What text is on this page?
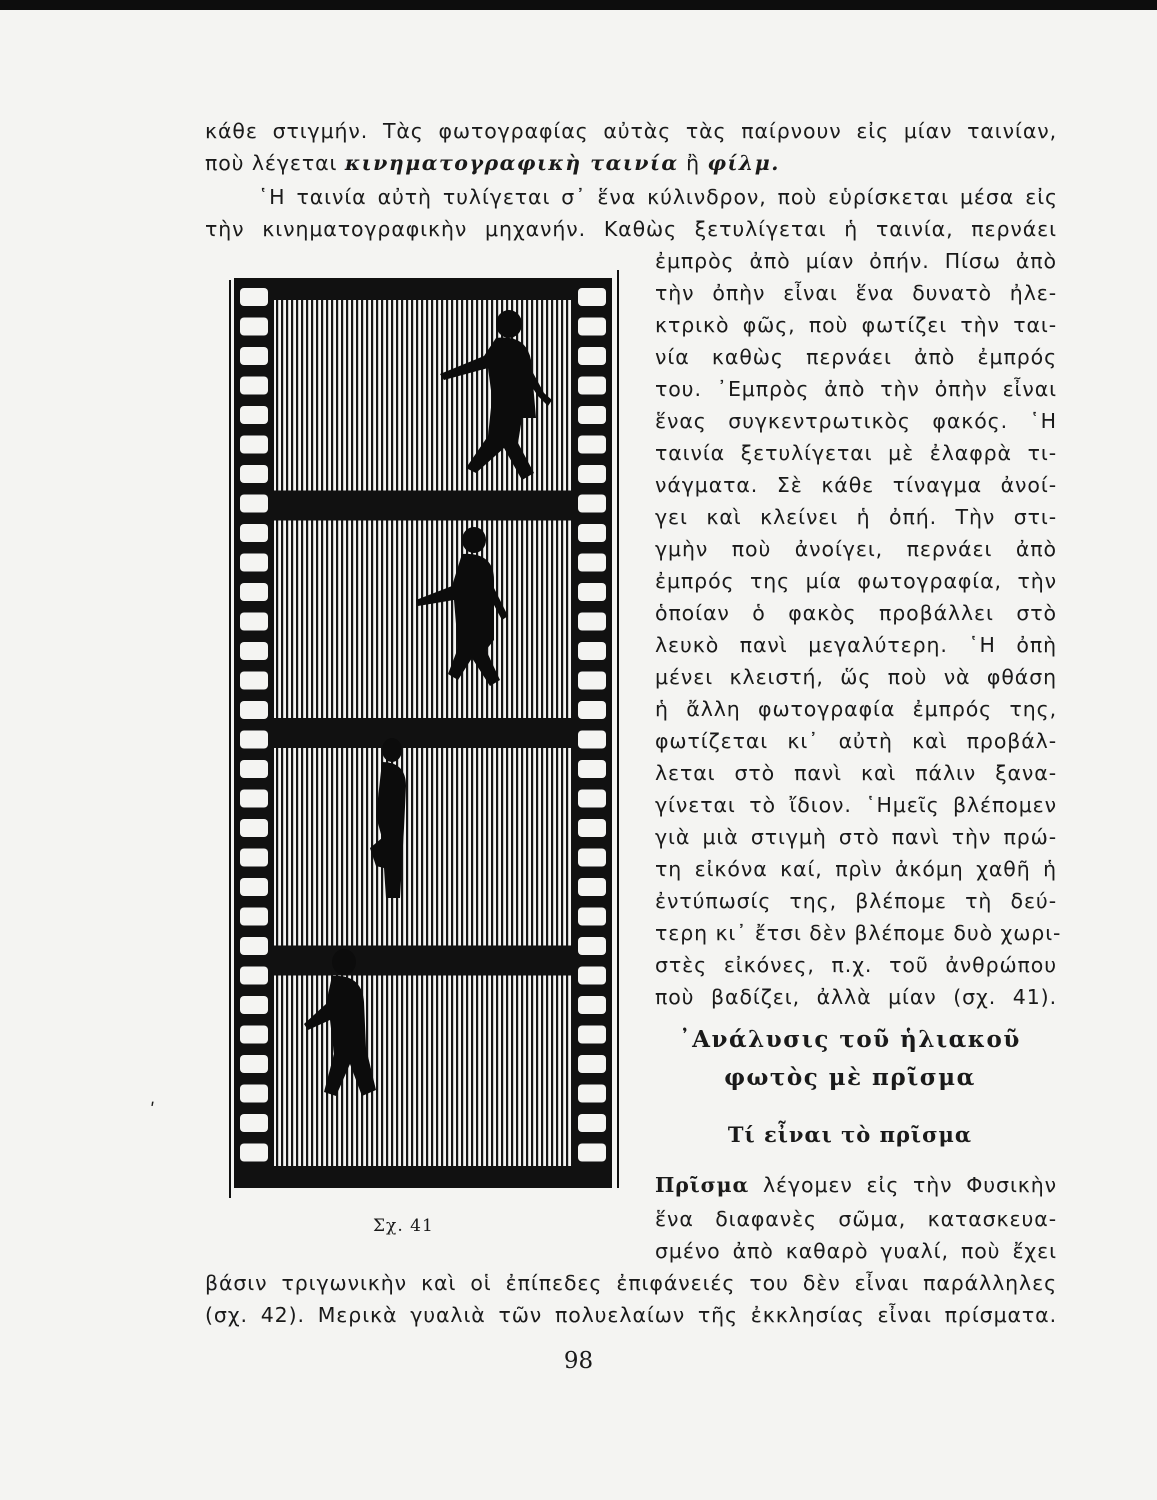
κάθε στιγμήν. Τὰς φωτογραφίας αὐτὰς τὰς παίρνουν εἰς μίαν ταινίαν,
ποὺ λέγεται κινηματογραφικὴ ταινία ἢ φίλμ.
῾Η ταινία αὐτὴ τυλίγεται σ᾽ ἕνα κύλινδρον, ποὺ εὑρίσκεται μέσα εἰς
τὴν κινηματογραφικὴν μηχανήν. Καθὼς ξετυλίγεται ἡ ταινία, περνάει
ἐμπρὸς ἀπὸ μίαν ὀπήν. Πίσω ἀπὸ
τὴν ὀπὴν εἶναι ἕνα δυνατὸ ἠλε-
κτρικὸ φῶς, ποὺ φωτίζει τὴν ται-
νία καθὼς περνάει ἀπὸ ἐμπρός
του. ᾿Εμπρὸς ἀπὸ τὴν ὀπὴν εἶναι
ἕνας συγκεντρωτικὸς φακός. ῾Η
ταινία ξετυλίγεται μὲ ἐλαφρὰ τι-
νάγματα. Σὲ κάθε τίναγμα ἀνοί-
γει καὶ κλείνει ἡ ὀπή. Τὴν στι-
γμὴν ποὺ ἀνοίγει, περνάει ἀπὸ
ἐμπρός της μία φωτογραφία, τὴν
ὁποίαν ὁ φακὸς προβάλλει στὸ
λευκὸ πανὶ μεγαλύτερη. ῾Η ὀπὴ
μένει κλειστή, ὥς ποὺ νὰ φθάση
ἡ ἄλλη φωτογραφία ἐμπρός της,
φωτίζεται κι᾽ αὐτὴ καὶ προβάλ-
λεται στὸ πανὶ καὶ πάλιν ξανα-
γίνεται τὸ ἴδιον. ῾Ημεῖς βλέπομεν
γιὰ μιὰ στιγμὴ στὸ πανὶ τὴν πρώ-
τη εἰκόνα καί, πρὶν ἀκόμη χαθῆ ἡ
ἐντύπωσίς της, βλέπομε τὴ δεύ-
τερη κι᾽ ἔτσι δὲν βλέπομε δυὸ χωρι-
στὲς εἰκόνες, π.χ. τοῦ ἀνθρώπου
ποὺ βαδίζει, ἀλλὰ μίαν (σχ. 41).
᾿Ανάλυσις τοῦ ἡλιακοῦ
φωτὸς μὲ πρῖσμα
Τί εἶναι τὸ πρῖσμα
Πρῖσμα λέγομεν εἰς τὴν Φυσικὴν
ἕνα διαφανὲς σῶμα, κατασκευα-
σμένο ἀπὸ καθαρὸ γυαλί, ποὺ ἔχει
βάσιν τριγωνικὴν καὶ οἱ ἐπίπεδες ἐπιφάνειές του δὲν εἶναι παράλληλες
(σχ. 42). Μερικὰ γυαλιὰ τῶν πολυελαίων τῆς ἐκκλησίας εἶναι πρίσματα.
Σχ. 41
98
ʹ
